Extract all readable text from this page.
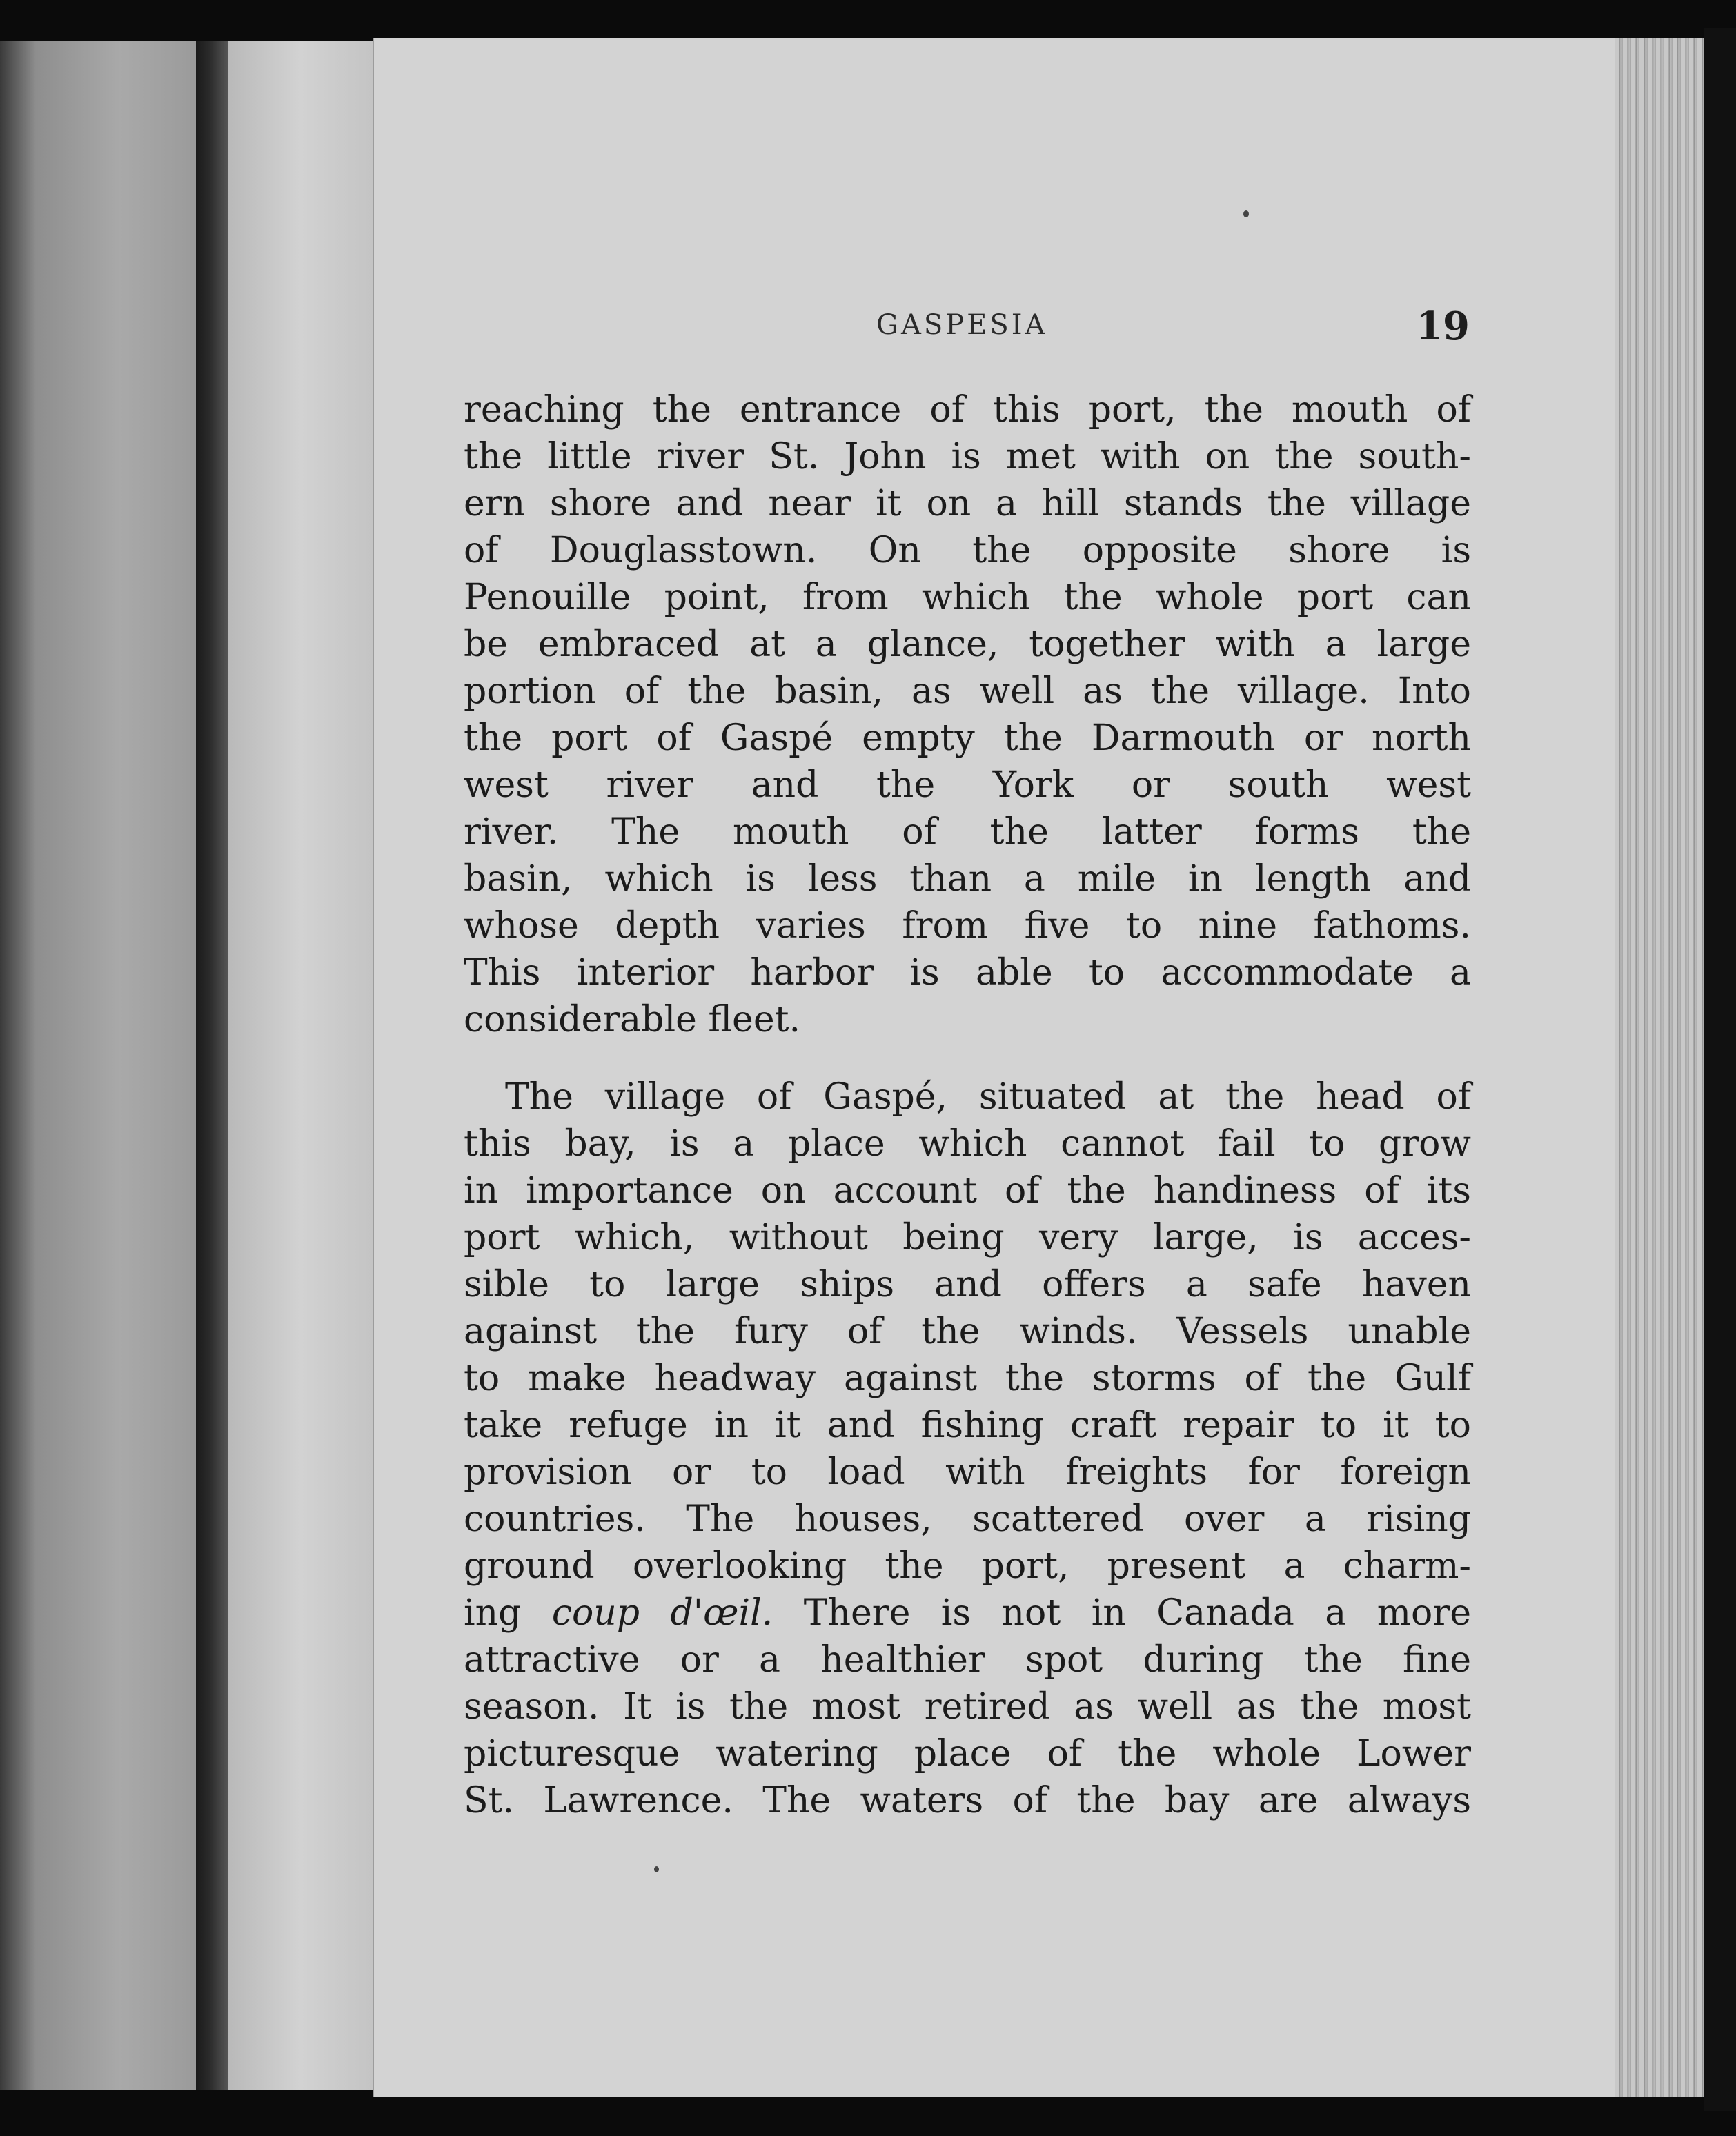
GASPESIA	19
reaching the entrance of this port, the mouth of
the little river St. John is met with on the south-
ern shore and near it on a hill stands the village
of Douglasstown. On the opposite shore is
Penouille point, from which the whole port can
be embraced at a glance, together with a large
portion of the basin, as well as the village. Into
the port of Gaspé empty the Darmouth or north
west river and the York or south west
river. The mouth of the latter forms the
basin, which is less than a mile in length and
whose depth varies from five to nine fathoms.
This interior harbor is able to accommodate a
considerable fleet.
The village of Gaspé, situated at the head of
this bay, is a place which cannot fail to grow
in importance on account of the handiness of its
port which, without being very large, is acces-
sible to large ships and offers a safe haven
against the fury of the winds. Vessels unable
to make headway against the storms of the Gulf
take refuge in it and fishing craft repair to it to
provision or to load with freights for foreign
countries. The houses, scattered over a rising
ground overlooking the port, present a charm-
ing coup d'œil. There is not in Canada a more
attractive or a healthier spot during the fine
season. It is the most retired as well as the most
picturesque watering place of the whole Lower
St. Lawrence. The waters of the bay are always
